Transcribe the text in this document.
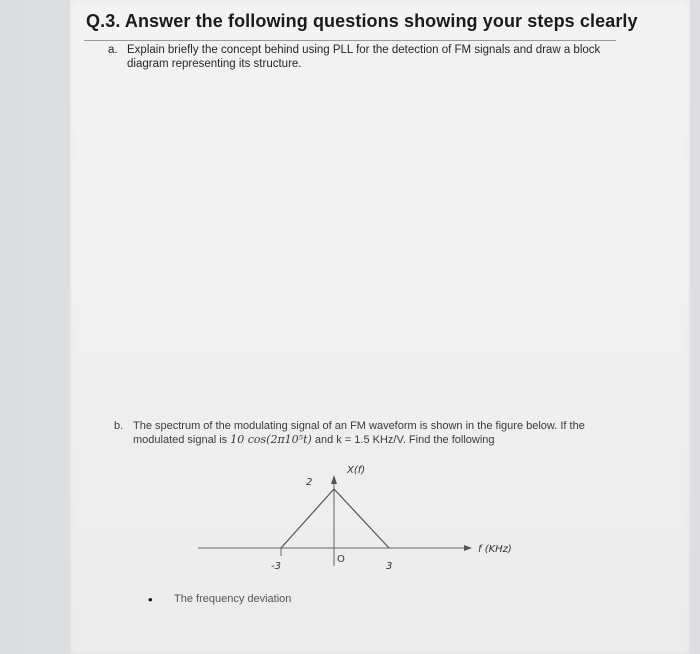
Q.3. Answer the following questions showing your steps clearly
a. Explain briefly the concept behind using PLL for the detection of FM signals and draw a block diagram representing its structure.
b. The spectrum of the modulating signal of an FM waveform is shown in the figure below. If the modulated signal is 10 cos(2π10⁵t) and k = 1.5 KHz/V. Find the following
X(f)
2
O
-3	3
f (KHz)
• The frequency deviation
